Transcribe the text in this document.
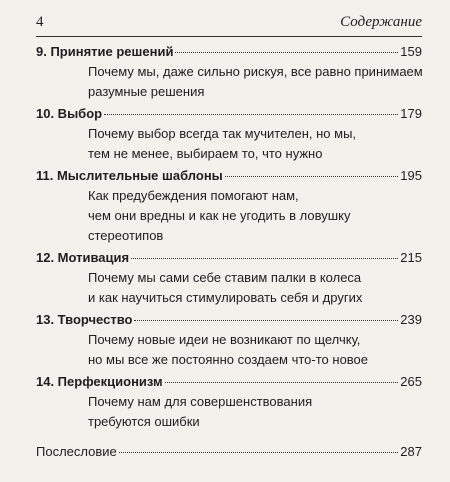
4	Содержание
9. Принятие решений	159
Почему мы, даже сильно рискуя, все равно принимаем
разумные решения
10. Выбор	179
Почему выбор всегда так мучителен, но мы,
тем не менее, выбираем то, что нужно
11. Мыслительные шаблоны	195
Как предубеждения помогают нам,
чем они вредны и как не угодить в ловушку
стереотипов
12. Мотивация	215
Почему мы сами себе ставим палки в колеса
и как научиться стимулировать себя и других
13. Творчество	239
Почему новые идеи не возникают по щелчку,
но мы все же постоянно создаем что-то новое
14. Перфекционизм	265
Почему нам для совершенствования
требуются ошибки
Послесловие	287
